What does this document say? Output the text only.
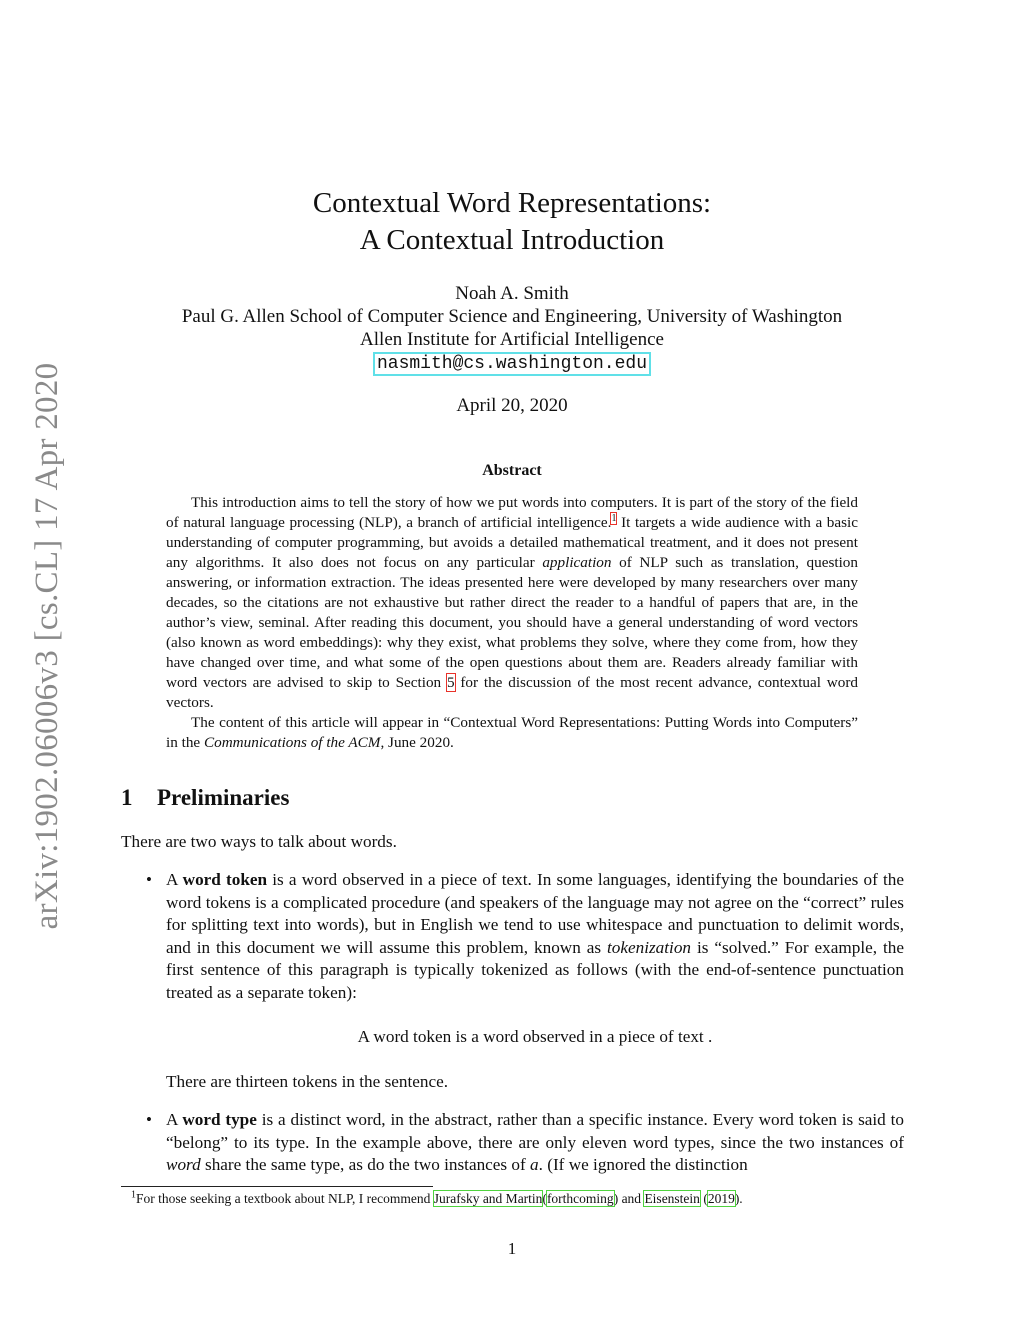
arXiv:1902.06006v3 [cs.CL] 17 Apr 2020
Contextual Word Representations:
A Contextual Introduction
Noah A. Smith
Paul G. Allen School of Computer Science and Engineering, University of Washington
Allen Institute for Artificial Intelligence
nasmith@cs.washington.edu
April 20, 2020
Abstract
This introduction aims to tell the story of how we put words into computers. It is part of the story of the field of natural language processing (NLP), a branch of artificial intelligence.$^1$ It targets a wide audience with a basic understanding of computer programming, but avoids a detailed mathematical treatment, and it does not present any algorithms. It also does not focus on any particular application of NLP such as translation, question answering, or information extraction. The ideas presented here were developed by many researchers over many decades, so the citations are not exhaustive but rather direct the reader to a handful of papers that are, in the author’s view, seminal. After reading this document, you should have a general understanding of word vectors (also known as word embeddings): why they exist, what problems they solve, where they come from, how they have changed over time, and what some of the open questions about them are. Readers already familiar with word vectors are advised to skip to Section 5 for the discussion of the most recent advance, contextual word vectors.
The content of this article will appear in “Contextual Word Representations: Putting Words into Computers” in the Communications of the ACM, June 2020.
1 Preliminaries
There are two ways to talk about words.
• A word token is a word observed in a piece of text. In some languages, identifying the boundaries of the word tokens is a complicated procedure (and speakers of the language may not agree on the “correct” rules for splitting text into words), but in English we tend to use whitespace and punctuation to delimit words, and in this document we will assume this problem, known as tokenization is “solved.” For example, the first sentence of this paragraph is typically tokenized as follows (with the end-of-sentence punctuation treated as a separate token):
A word token is a word observed in a piece of text .
There are thirteen tokens in the sentence.
• A word type is a distinct word, in the abstract, rather than a specific instance. Every word token is said to “belong” to its type. In the example above, there are only eleven word types, since the two instances of word share the same type, as do the two instances of a. (If we ignored the distinction
$^1$For those seeking a textbook about NLP, I recommend Jurafsky and Martin(forthcoming) and Eisenstein (2019).
1
